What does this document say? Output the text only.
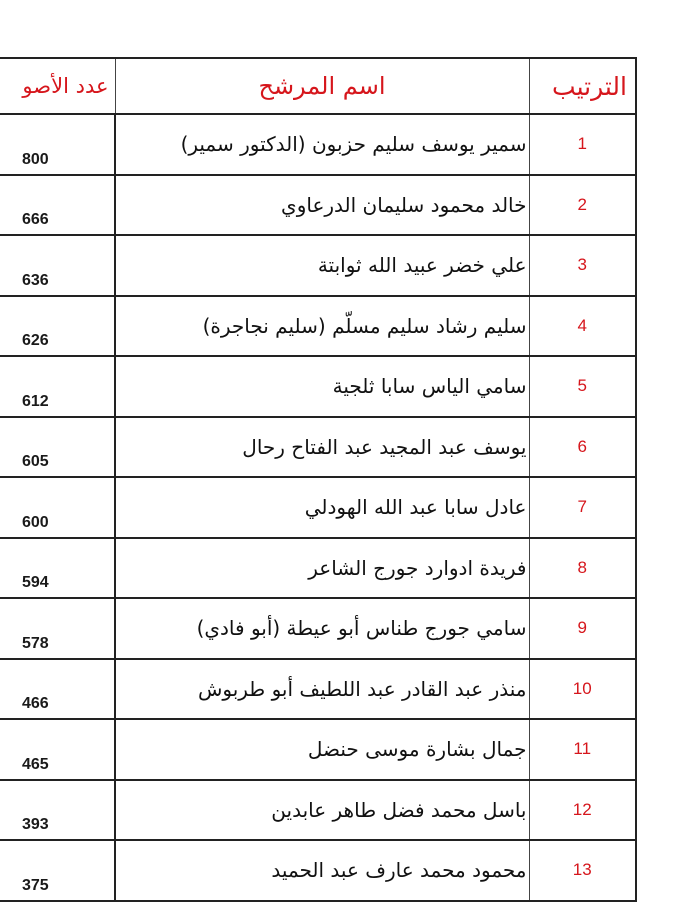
عدد الأصو	اسم المرشح	الترتيب
800	سمير يوسف سليم حزبون (الدكتور سمير)	1
666	خالد محمود سليمان الدرعاوي	2
636	علي خضر عبيد الله ثوابتة	3
626	سليم رشاد سليم مسلّم (سليم نجاجرة)	4
612	سامي الياس سابا ثلجية	5
605	يوسف عبد المجيد عبد الفتاح رحال	6
600	عادل سابا عبد الله الهودلي	7
594	فريدة ادوارد جورج الشاعر	8
578	سامي جورج طناس أبو عيطة (أبو فادي)	9
466	منذر عبد القادر عبد اللطيف أبو طربوش	10
465	جمال بشارة موسى حنضل	11
393	باسل محمد فضل طاهر عابدين	12
375	محمود محمد عارف عبد الحميد	13
